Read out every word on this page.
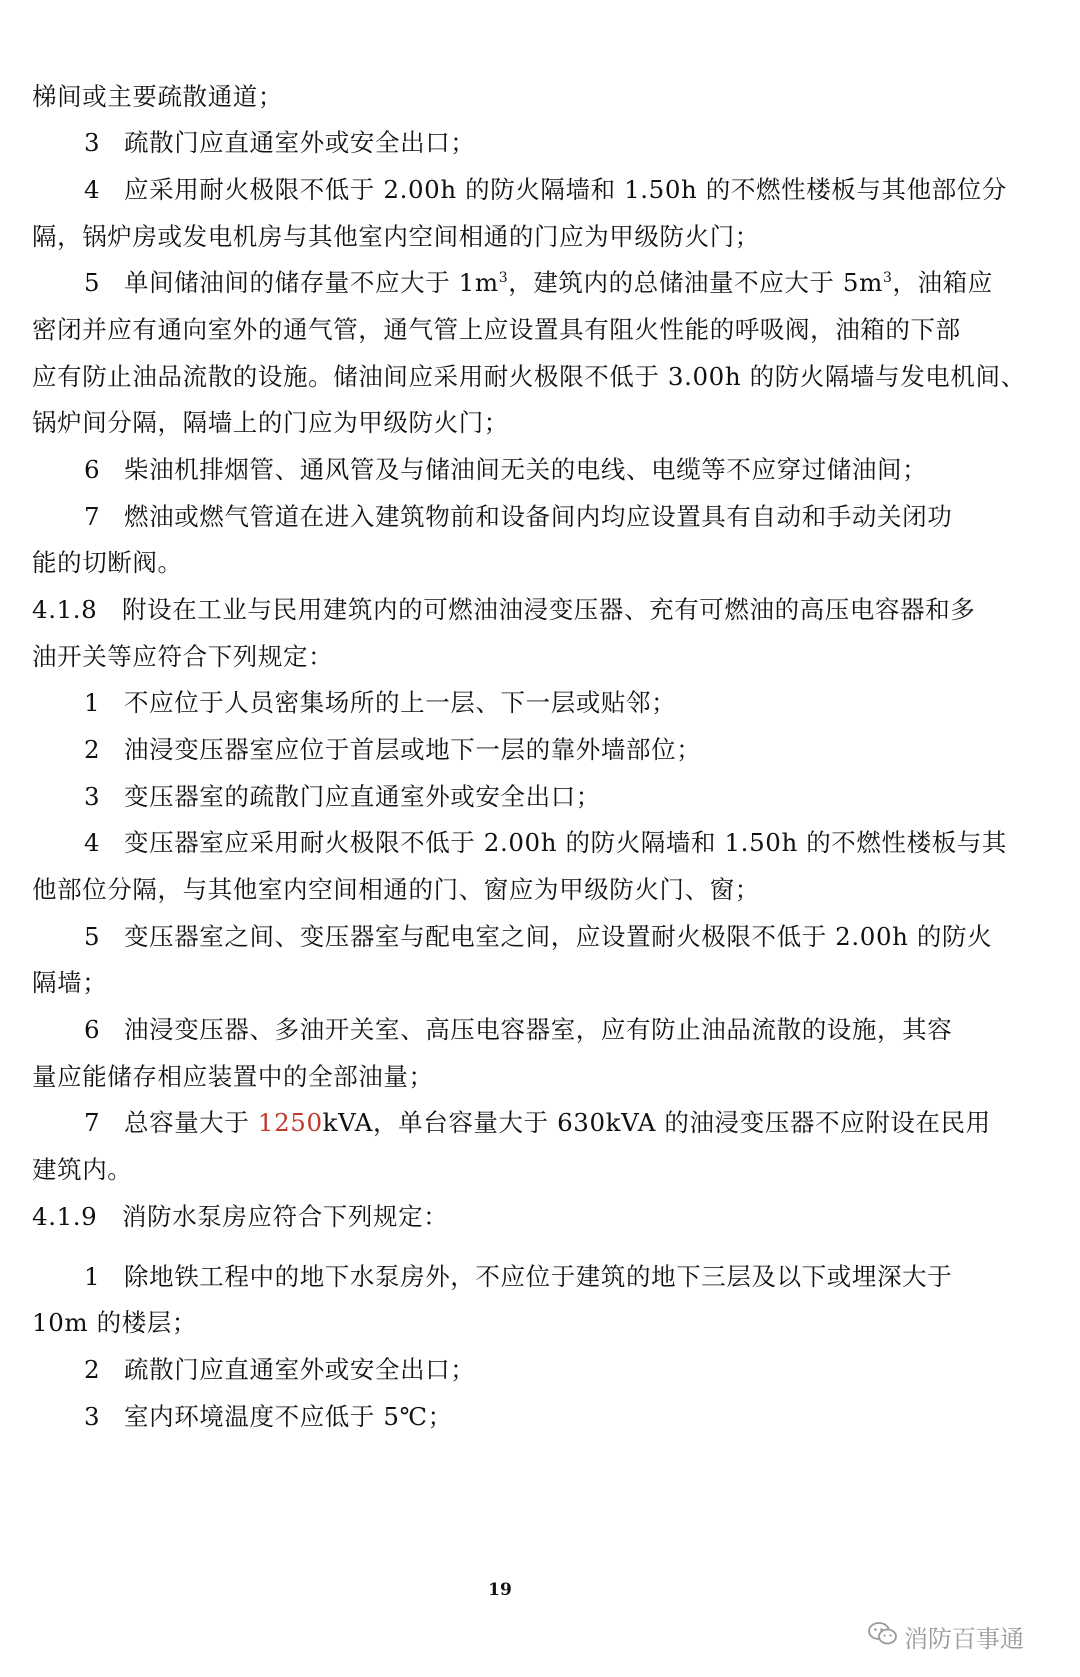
梯间或主要疏散通道；
3 疏散门应直通室外或安全出口；
4 应采用耐火极限不低于 2.00h 的防火隔墙和 1.50h 的不燃性楼板与其他部位分
隔，锅炉房或发电机房与其他室内空间相通的门应为甲级防火门；
5 单间储油间的储存量不应大于 $1m^3$，建筑内的总储油量不应大于 $5m^3$，油箱应
密闭并应有通向室外的通气管，通气管上应设置具有阻火性能的呼吸阀，油箱的下部
应有防止油品流散的设施。储油间应采用耐火极限不低于 3.00h 的防火隔墙与发电机间、
锅炉间分隔，隔墙上的门应为甲级防火门；
6 柴油机排烟管、通风管及与储油间无关的电线、电缆等不应穿过储油间；
7 燃油或燃气管道在进入建筑物前和设备间内均应设置具有自动和手动关闭功
能的切断阀。
4.1.8 附设在工业与民用建筑内的可燃油油浸变压器、充有可燃油的高压电容器和多
油开关等应符合下列规定：
1 不应位于人员密集场所的上一层、下一层或贴邻；
2 油浸变压器室应位于首层或地下一层的靠外墙部位；
3 变压器室的疏散门应直通室外或安全出口；
4 变压器室应采用耐火极限不低于 2.00h 的防火隔墙和 1.50h 的不燃性楼板与其
他部位分隔，与其他室内空间相通的门、窗应为甲级防火门、窗；
5 变压器室之间、变压器室与配电室之间，应设置耐火极限不低于 2.00h 的防火
隔墙；
6 油浸变压器、多油开关室、高压电容器室，应有防止油品流散的设施，其容
量应能储存相应装置中的全部油量；
7 总容量大于 1250kVA，单台容量大于 630kVA 的油浸变压器不应附设在民用
建筑内。
4.1.9 消防水泵房应符合下列规定：
1 除地铁工程中的地下水泵房外，不应位于建筑的地下三层及以下或埋深大于
10m 的楼层；
2 疏散门应直通室外或安全出口；
3 室内环境温度不应低于 5℃；
19
消防百事通
